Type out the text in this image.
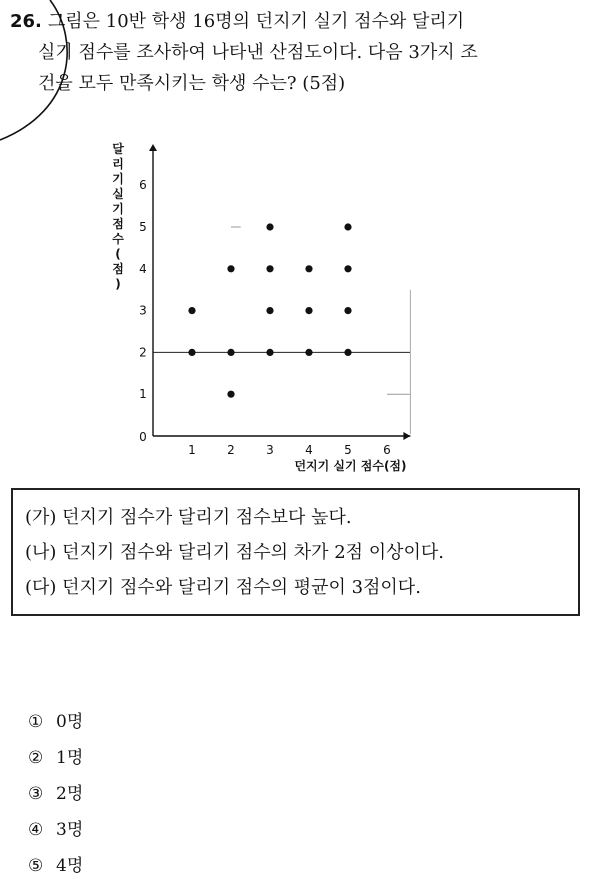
26. 그림은 10반 학생 16명의 던지기 실기 점수와 달리기
실기 점수를 조사하여 나타낸 산점도이다. 다음 3가지 조
건을 모두 만족시키는 학생 수는? (5점)
달
리
기
실
기
점
수
(
점
)
0
1	2	3	4	5	6
1
2
3
4
5
6
던지기 실기 점수(점)
(가) 던지기 점수가 달리기 점수보다 높다.
(나) 던지기 점수와 달리기 점수의 차가 2점 이상이다.
(다) 던지기 점수와 달리기 점수의 평균이 3점이다.
① 0명
② 1명
③ 2명
④ 3명
⑤ 4명
